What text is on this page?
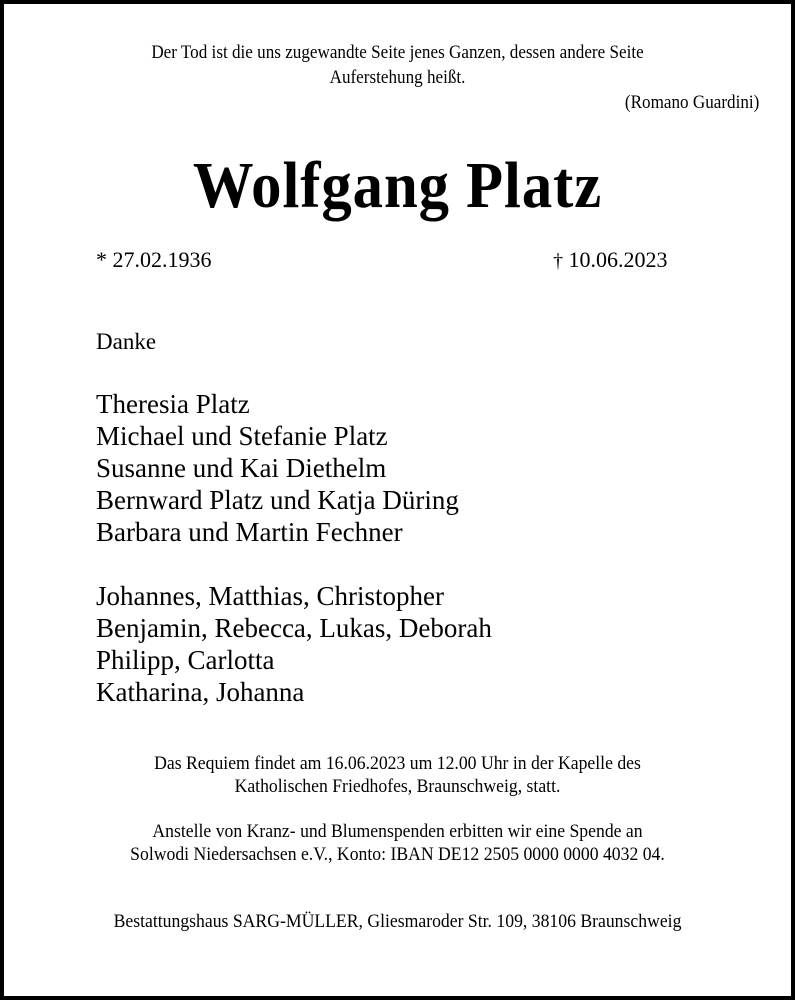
Der Tod ist die uns zugewandte Seite jenes Ganzen, dessen andere Seite
Auferstehung heißt.
(Romano Guardini)
Wolfgang Platz
* 27.02.1936	† 10.06.2023
Danke
Theresia Platz
Michael und Stefanie Platz
Susanne und Kai Diethelm
Bernward Platz und Katja Düring
Barbara und Martin Fechner
Johannes, Matthias, Christopher
Benjamin, Rebecca, Lukas, Deborah
Philipp, Carlotta
Katharina, Johanna
Das Requiem findet am 16.06.2023 um 12.00 Uhr in der Kapelle des
Katholischen Friedhofes, Braunschweig, statt.
Anstelle von Kranz- und Blumenspenden erbitten wir eine Spende an
Solwodi Niedersachsen e.V., Konto: IBAN DE12 2505 0000 0000 4032 04.
Bestattungshaus SARG-MÜLLER, Gliesmaroder Str. 109, 38106 Braunschweig
